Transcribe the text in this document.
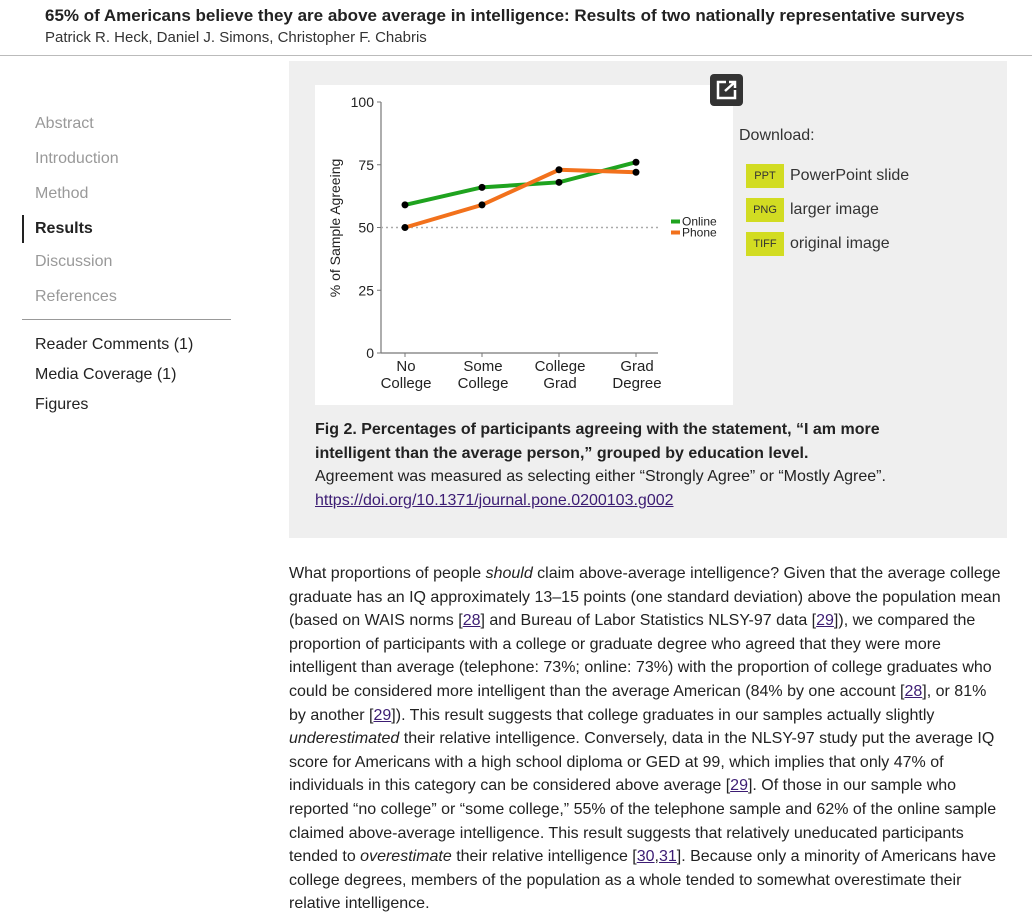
65% of Americans believe they are above average in intelligence: Results of two nationally representative surveys
Patrick R. Heck, Daniel J. Simons, Christopher F. Chabris
Abstract
Introduction
Method
Results
Discussion
References
Reader Comments (1)
Media Coverage (1)
Figures
0
25
50
75
100
% of Sample Agreeing
No
College
Some
College
College
Grad
Grad
Degree
Online
Phone
Download:
PPT PowerPoint slide
PNG larger image
TIFF original image
Fig 2. Percentages of participants agreeing with the statement, “I am more intelligent than the average person,” grouped by education level.
Agreement was measured as selecting either “Strongly Agree” or “Mostly Agree”.
https://doi.org/10.1371/journal.pone.0200103.g002
What proportions of people should claim above-average intelligence? Given that the average college graduate has an IQ approximately 13–15 points (one standard deviation) above the population mean (based on WAIS norms [28] and Bureau of Labor Statistics NLSY-97 data [29]), we compared the proportion of participants with a college or graduate degree who agreed that they were more intelligent than average (telephone: 73%; online: 73%) with the proportion of college graduates who could be considered more intelligent than the average American (84% by one account [28], or 81% by another [29]). This result suggests that college graduates in our samples actually slightly underestimated their relative intelligence. Conversely, data in the NLSY-97 study put the average IQ score for Americans with a high school diploma or GED at 99, which implies that only 47% of individuals in this category can be considered above average [29]. Of those in our sample who reported “no college” or “some college,” 55% of the telephone sample and 62% of the online sample claimed above-average intelligence. This result suggests that relatively uneducated participants tended to overestimate their relative intelligence [30,31]. Because only a minority of Americans have college degrees, members of the population as a whole tended to somewhat overestimate their relative intelligence.
